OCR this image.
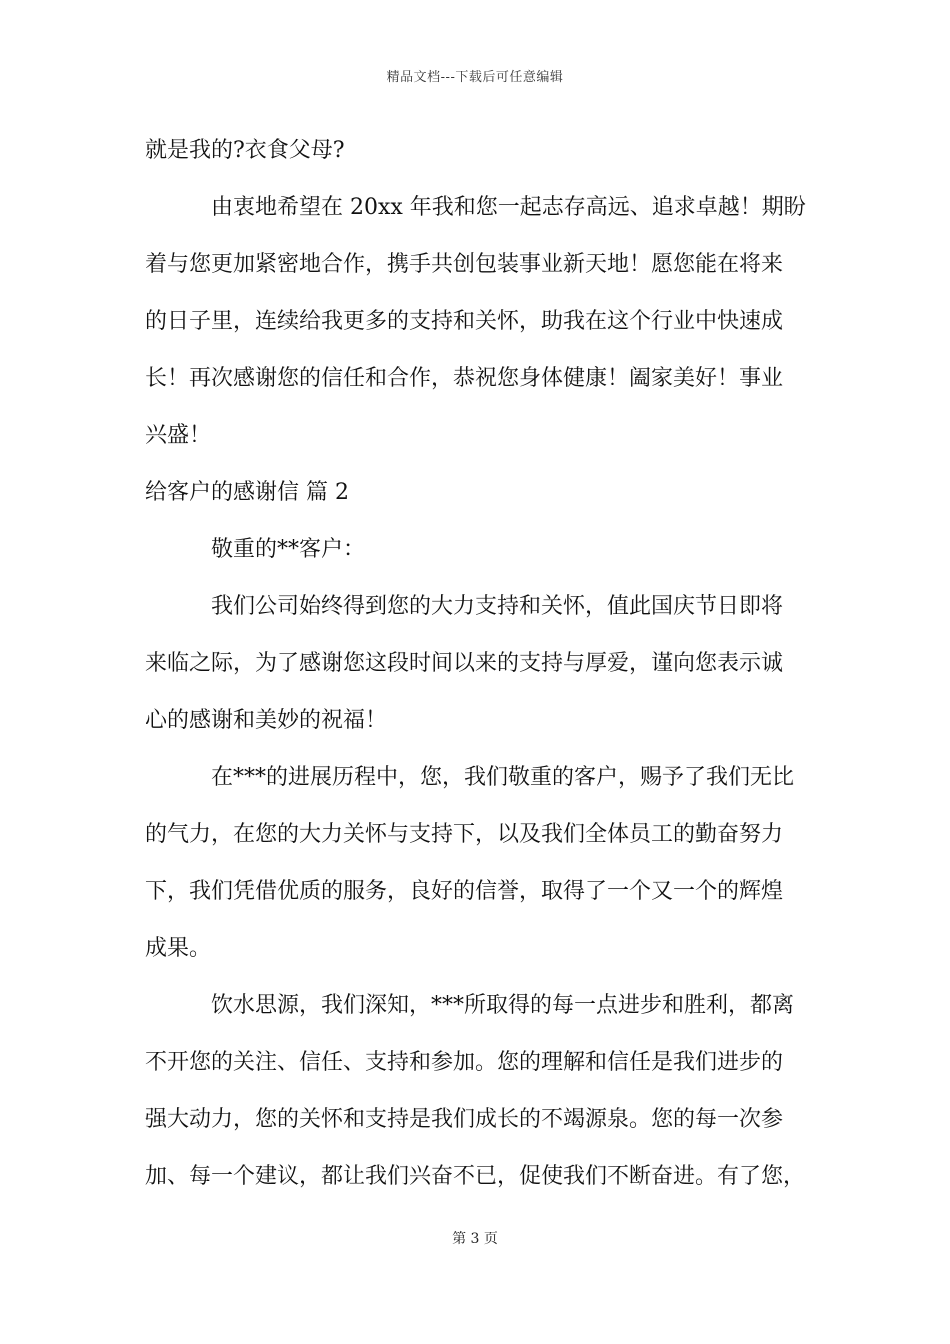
精品文档---下载后可任意编辑
就是我的?衣食父母?
由衷地希望在 20xx 年我和您一起志存高远、追求卓越！期盼
着与您更加紧密地合作，携手共创包装事业新天地！愿您能在将来
的日子里，连续给我更多的支持和关怀，助我在这个行业中快速成
长！再次感谢您的信任和合作，恭祝您身体健康！阖家美好！事业
兴盛！
给客户的感谢信 篇 2
敬重的**客户：
我们公司始终得到您的大力支持和关怀，值此国庆节日即将
来临之际，为了感谢您这段时间以来的支持与厚爱，谨向您表示诚
心的感谢和美妙的祝福！
在***的进展历程中，您，我们敬重的客户，赐予了我们无比
的气力，在您的大力关怀与支持下，以及我们全体员工的勤奋努力
下，我们凭借优质的服务，良好的信誉，取得了一个又一个的辉煌
成果。
饮水思源，我们深知，***所取得的每一点进步和胜利，都离
不开您的关注、信任、支持和参加。您的理解和信任是我们进步的
强大动力，您的关怀和支持是我们成长的不竭源泉。您的每一次参
加、每一个建议，都让我们兴奋不已，促使我们不断奋进。有了您，
第 3 页
